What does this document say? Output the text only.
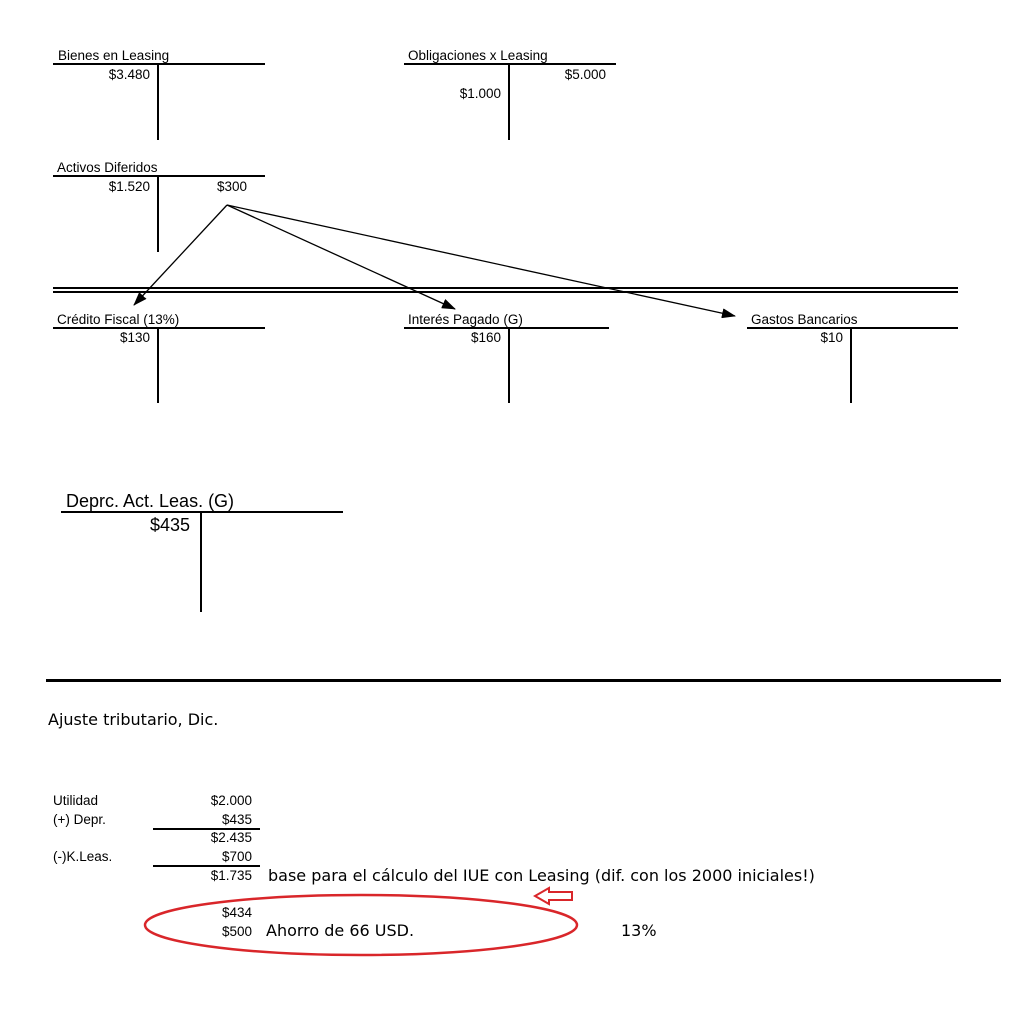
Bienes en Leasing
$3.480
Obligaciones x Leasing
$5.000
$1.000
Activos Diferidos
$1.520	$300
Crédito Fiscal (13%)
$130
Interés Pagado (G)
$160
Gastos Bancarios
$10
Deprc. Act. Leas. (G)
$435
Ajuste tributario, Dic.
Utilidad	$2.000
(+) Depr.	$435
$2.435
(-)K.Leas.	$700
$1.735 base para el cálculo del IUE con Leasing (dif. con los 2000 iniciales!)
$434
$500 Ahorro de 66 USD.	13%
